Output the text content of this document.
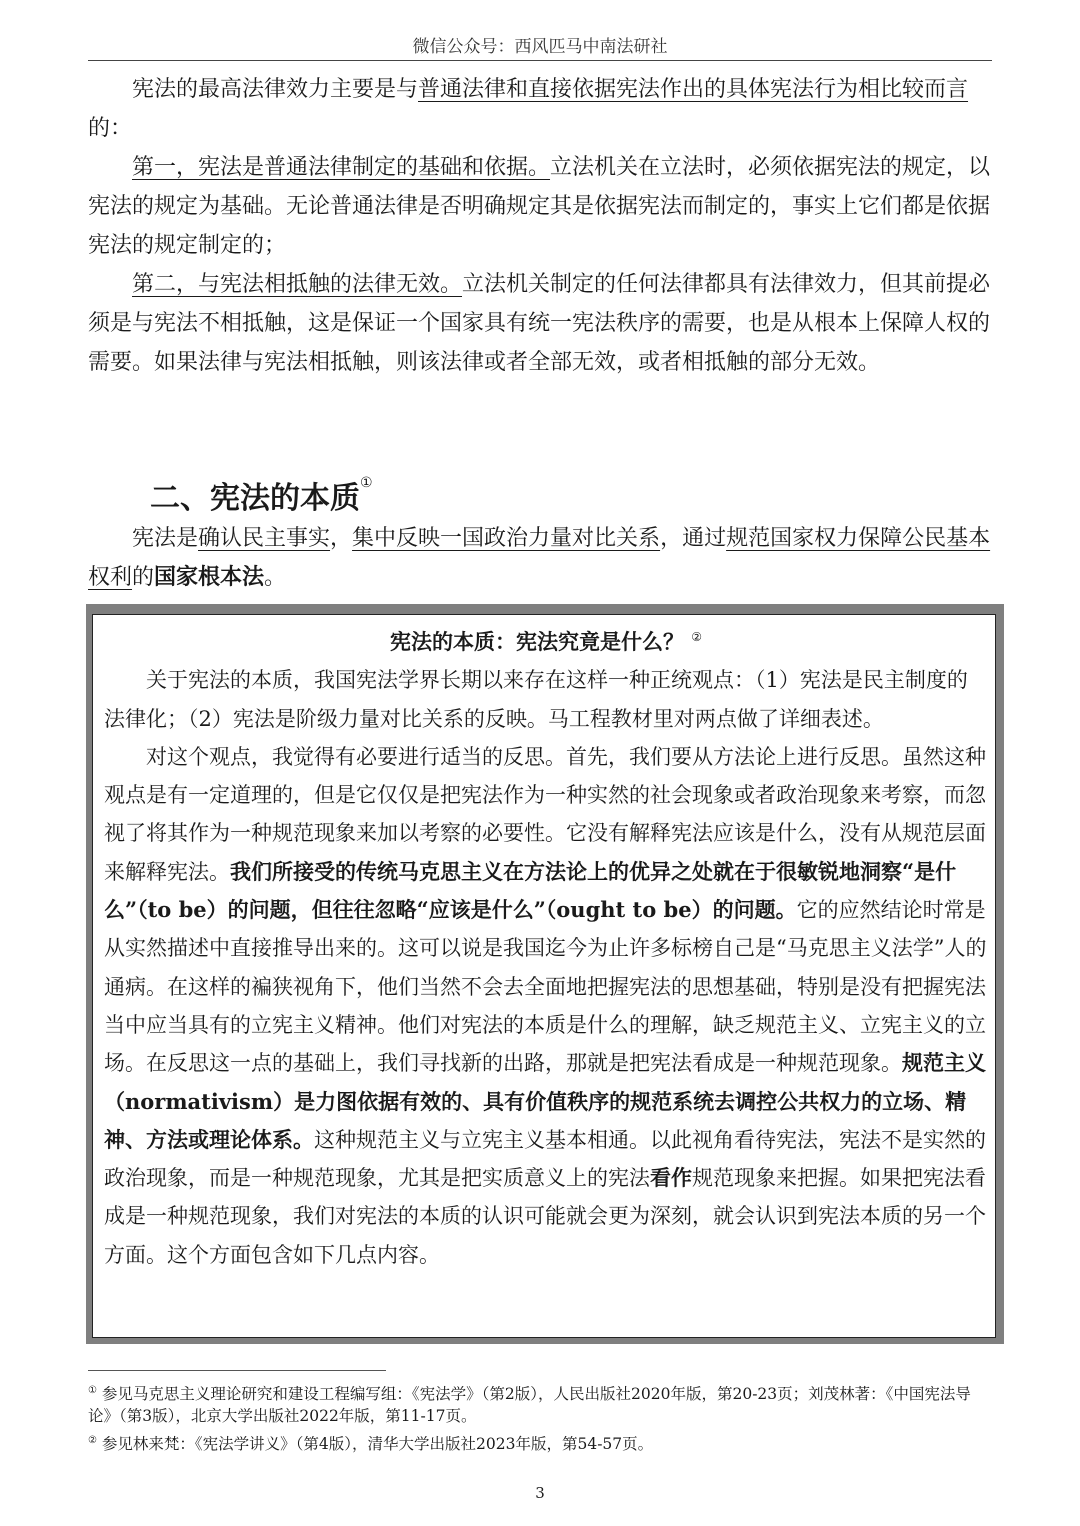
微信公众号：西风匹马中南法研社

宪法的最高法律效力主要是与普通法律和直接依据宪法作出的具体宪法行为相比较而言的：

第一，宪法是普通法律制定的基础和依据。立法机关在立法时，必须依据宪法的规定，以宪法的规定为基础。无论普通法律是否明确规定其是依据宪法而制定的，事实上它们都是依据宪法的规定制定的；

第二，与宪法相抵触的法律无效。立法机关制定的任何法律都具有法律效力，但其前提必须是与宪法不相抵触，这是保证一个国家具有统一宪法秩序的需要，也是从根本上保障人权的需要。如果法律与宪法相抵触，则该法律或者全部无效，或者相抵触的部分无效。

二、宪法的本质①

宪法是确认民主事实，集中反映一国政治力量对比关系，通过规范国家权力保障公民基本权利的国家根本法。

宪法的本质：宪法究竟是什么？ ②

关于宪法的本质，我国宪法学界长期以来存在这样一种正统观点：（1）宪法是民主制度的法律化；（2）宪法是阶级力量对比关系的反映。马工程教材里对两点做了详细表述。

对这个观点，我觉得有必要进行适当的反思。首先，我们要从方法论上进行反思。虽然这种观点是有一定道理的，但是它仅仅是把宪法作为一种实然的社会现象或者政治现象来考察，而忽视了将其作为一种规范现象来加以考察的必要性。它没有解释宪法应该是什么，没有从规范层面来解释宪法。我们所接受的传统马克思主义在方法论上的优异之处就在于很敏锐地洞察“是什么”（to be）的问题，但往往忽略“应该是什么”（ought to be）的问题。它的应然结论时常是从实然描述中直接推导出来的。这可以说是我国迄今为止许多标榜自己是“马克思主义法学”人的通病。在这样的褊狭视角下，他们当然不会去全面地把握宪法的思想基础，特别是没有把握宪法当中应当具有的立宪主义精神。他们对宪法的本质是什么的理解，缺乏规范主义、立宪主义的立场。在反思这一点的基础上，我们寻找新的出路，那就是把宪法看成是一种规范现象。规范主义（normativism）是力图依据有效的、具有价值秩序的规范系统去调控公共权力的立场、精神、方法或理论体系。这种规范主义与立宪主义基本相通。以此视角看待宪法，宪法不是实然的政治现象，而是一种规范现象，尤其是把实质意义上的宪法看作规范现象来把握。如果把宪法看成是一种规范现象，我们对宪法的本质的认识可能就会更为深刻，就会认识到宪法本质的另一个方面。这个方面包含如下几点内容。

① 参见马克思主义理论研究和建设工程编写组：《宪法学》（第2版），人民出版社2020年版，第20-23页；刘茂林著：《中国宪法导论》（第3版），北京大学出版社2022年版，第11-17页。
② 参见林来梵：《宪法学讲义》（第4版），清华大学出版社2023年版，第54-57页。
3
